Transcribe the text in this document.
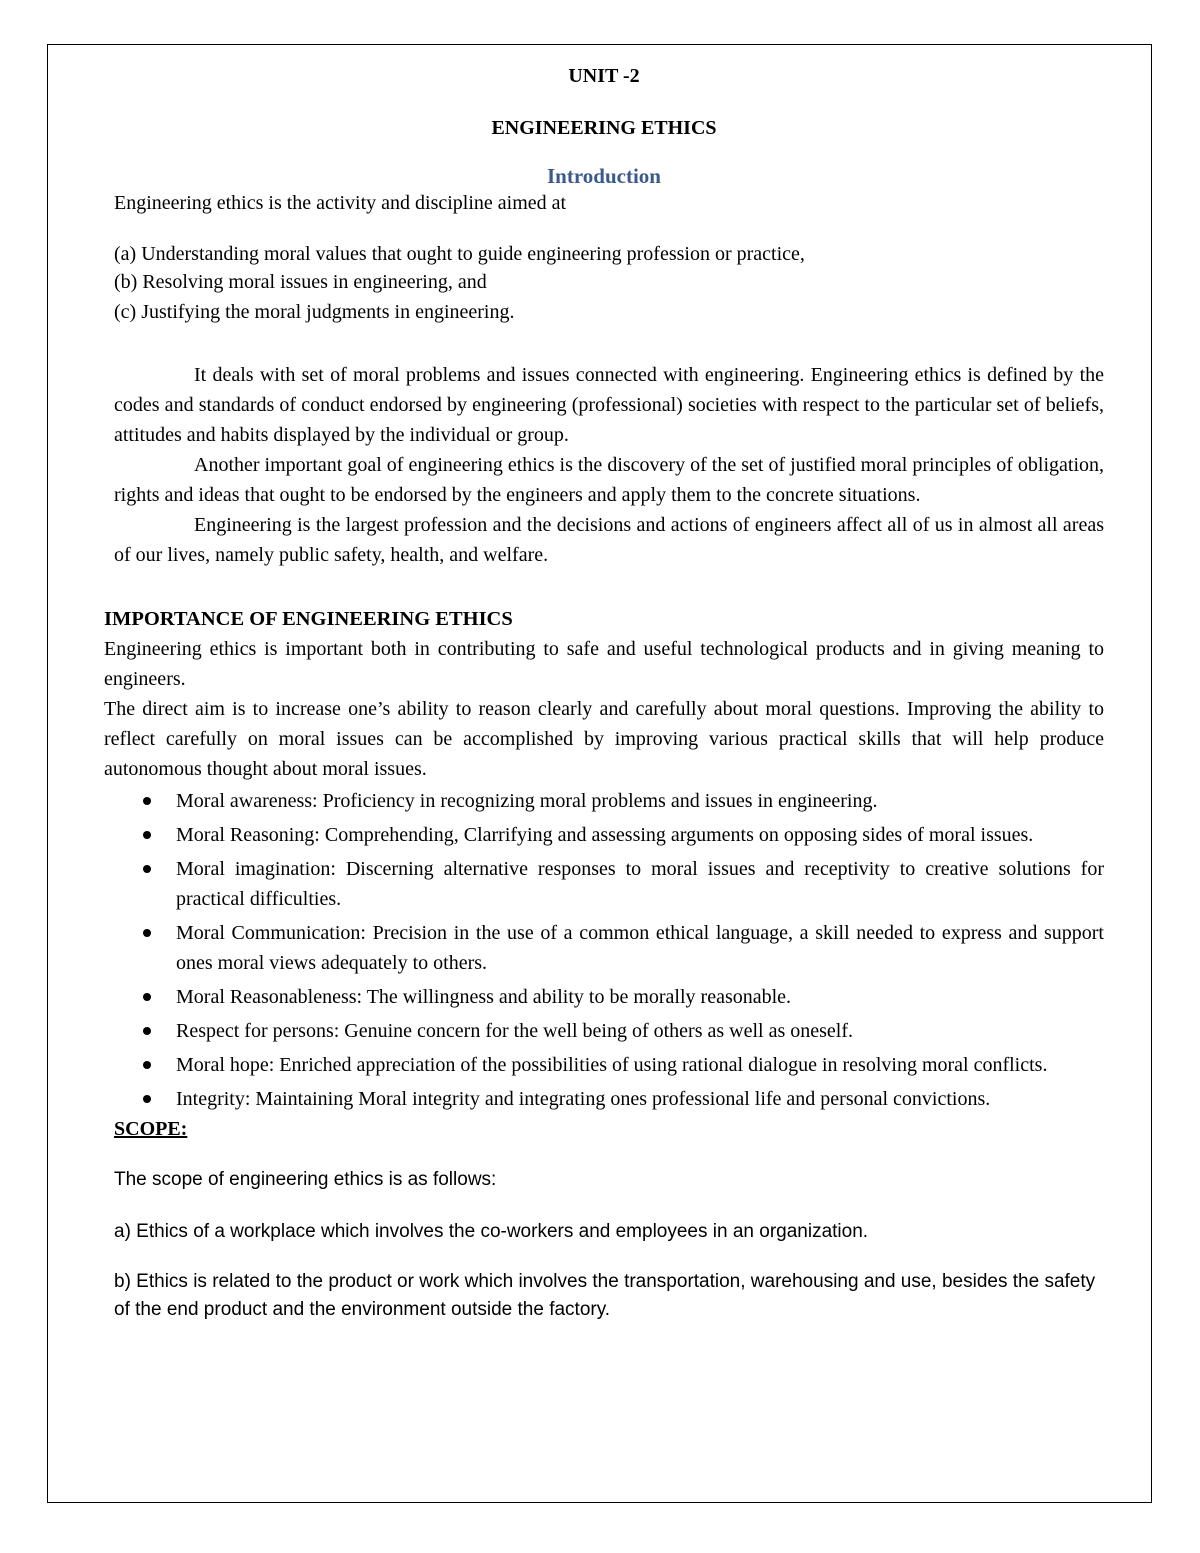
UNIT -2
ENGINEERING ETHICS
Introduction

Engineering ethics is the activity and discipline aimed at

(a) Understanding moral values that ought to guide engineering profession or practice,

(b) Resolving moral issues in engineering, and

(c) Justifying the moral judgments in engineering.

It deals with set of moral problems and issues connected with engineering. Engineering ethics is defined by the codes and standards of conduct endorsed by engineering (professional) societies with respect to the particular set of beliefs, attitudes and habits displayed by the individual or group.

Another important goal of engineering ethics is the discovery of the set of justified moral principles of obligation, rights and ideas that ought to be endorsed by the engineers and apply them to the concrete situations.

Engineering is the largest profession and the decisions and actions of engineers affect all of us in almost all areas of our lives, namely public safety, health, and welfare.

IMPORTANCE OF ENGINEERING ETHICS

Engineering ethics is important both in contributing to safe and useful technological products and in giving meaning to engineers.

The direct aim is to increase one’s ability to reason clearly and carefully about moral questions. Improving the ability to reflect carefully on moral issues can be accomplished by improving various practical skills that will help produce autonomous thought about moral issues.

Moral awareness: Proficiency in recognizing moral problems and issues in engineering.
Moral Reasoning: Comprehending, Clarrifying and assessing arguments on opposing sides of moral issues.
Moral imagination: Discerning alternative responses to moral issues and receptivity to creative solutions for practical difficulties.
Moral Communication: Precision in the use of a common ethical language, a skill needed to express and support ones moral views adequately to others.
Moral Reasonableness: The willingness and ability to be morally reasonable.
Respect for persons: Genuine concern for the well being of others as well as oneself.
Moral hope: Enriched appreciation of the possibilities of using rational dialogue in resolving moral conflicts.
Integrity: Maintaining Moral integrity and integrating ones professional life and personal convictions.
SCOPE:

The scope of engineering ethics is as follows:

a) Ethics of a workplace which involves the co-workers and employees in an organization.

b) Ethics is related to the product or work which involves the transportation, warehousing and use, besides the safety of the end product and the environment outside the factory.
